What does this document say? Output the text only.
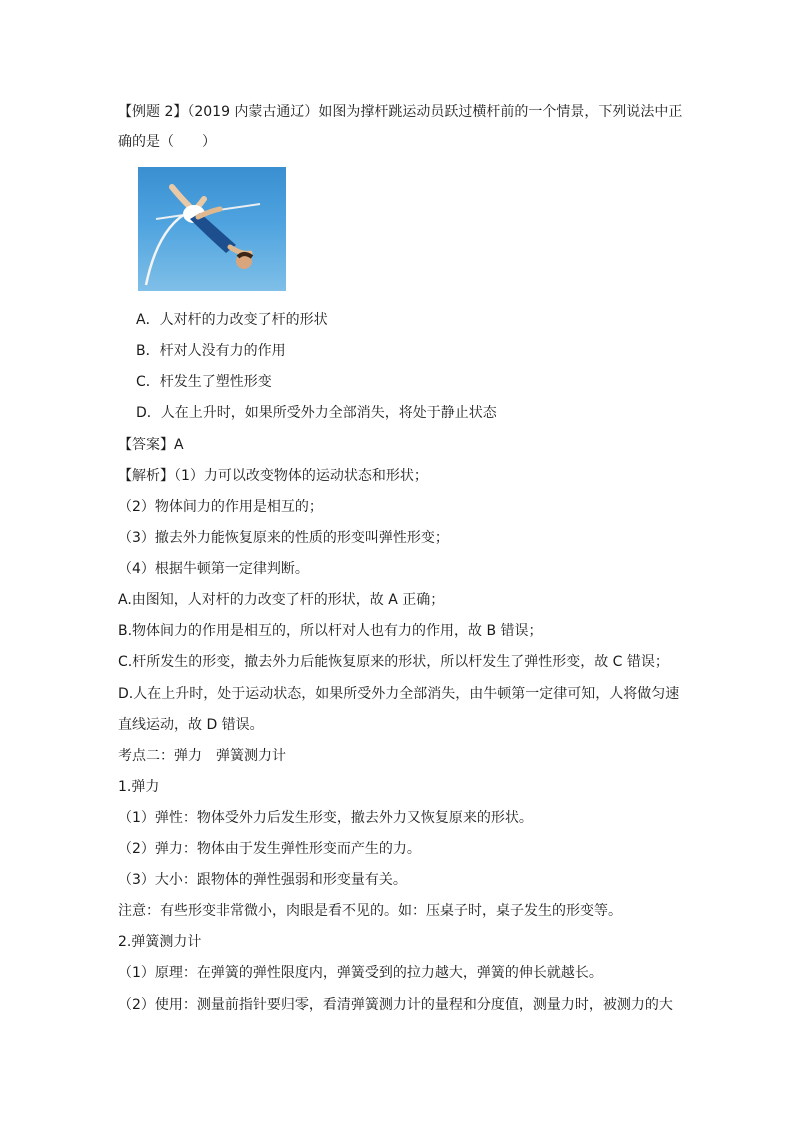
【例题 2】（2019 内蒙古通辽）如图为撑杆跳运动员跃过横杆前的一个情景，下列说法中正
确的是（　　）
A．人对杆的力改变了杆的形状
B．杆对人没有力的作用
C．杆发生了塑性形变
D．人在上升时，如果所受外力全部消失，将处于静止状态
【答案】A
【解析】（1）力可以改变物体的运动状态和形状；
（2）物体间力的作用是相互的；
（3）撤去外力能恢复原来的性质的形变叫弹性形变；
（4）根据牛顿第一定律判断。
A.由图知，人对杆的力改变了杆的形状，故 A 正确；
B.物体间力的作用是相互的，所以杆对人也有力的作用，故 B 错误；
C.杆所发生的形变，撤去外力后能恢复原来的形状，所以杆发生了弹性形变，故 C 错误；
D.人在上升时，处于运动状态，如果所受外力全部消失，由牛顿第一定律可知，人将做匀速
直线运动，故 D 错误。
考点二：弹力　弹簧测力计
1.弹力
（1）弹性：物体受外力后发生形变，撤去外力又恢复原来的形状。
（2）弹力：物体由于发生弹性形变而产生的力。
（3）大小：跟物体的弹性强弱和形变量有关。
注意：有些形变非常微小，肉眼是看不见的。如：压桌子时，桌子发生的形变等。
2.弹簧测力计
（1）原理：在弹簧的弹性限度内，弹簧受到的拉力越大，弹簧的伸长就越长。
（2）使用：测量前指针要归零，看清弹簧测力计的量程和分度值，测量力时，被测力的大
